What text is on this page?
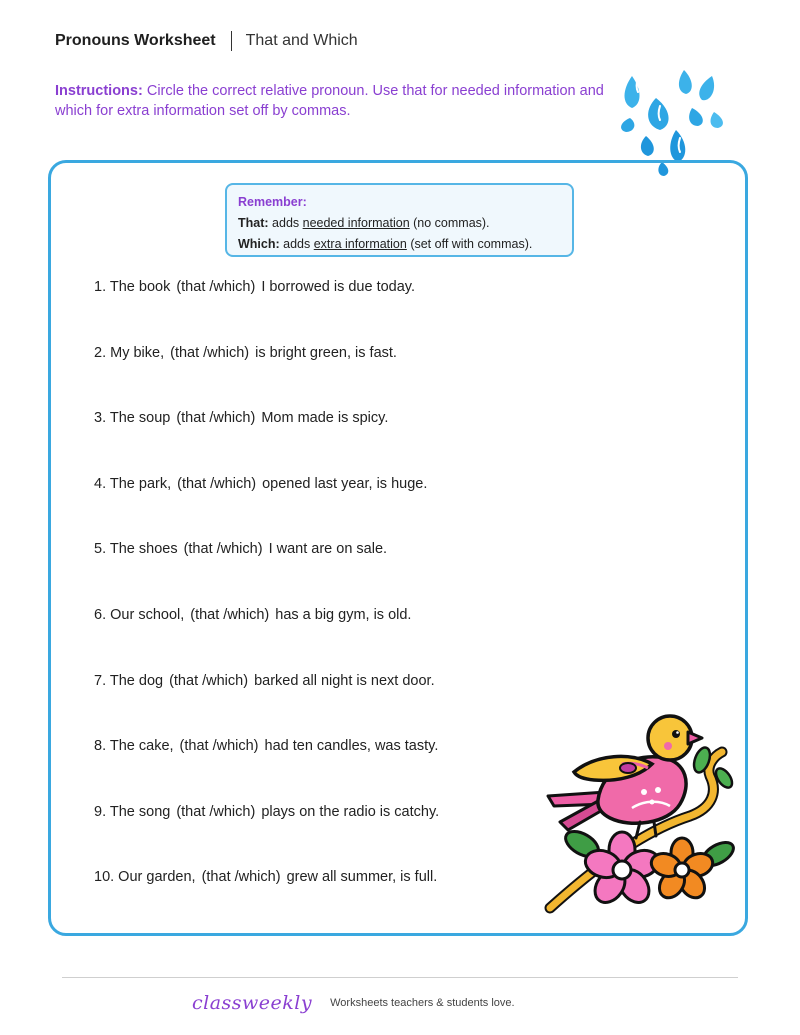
Pronouns Worksheet That and Which
Instructions: Circle the correct relative pronoun. Use that for needed information and
which for extra information set off by commas.
Remember:
That: adds needed information (no commas).
Which: adds extra information (set off with commas).
1. The book (that /which) I borrowed is due today.
2. My bike, (that /which) is bright green, is fast.
3. The soup (that /which) Mom made is spicy.
4. The park, (that /which) opened last year, is huge.
5. The shoes (that /which) I want are on sale.
6. Our school, (that /which) has a big gym, is old.
7. The dog (that /which) barked all night is next door.
8. The cake, (that /which) had ten candles, was tasty.
9. The song (that /which) plays on the radio is catchy.
10. Our garden, (that /which) grew all summer, is full.
classweekly Worksheets teachers & students love.
